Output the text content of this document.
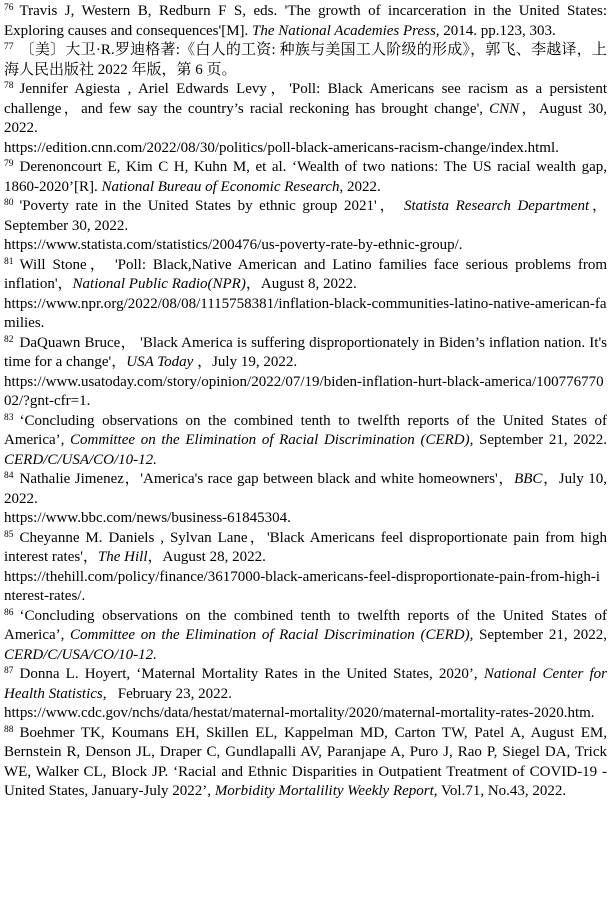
$^{76}$ Travis J, Western B, Redburn F S, eds. 'The growth of incarceration in the United States: Exploring causes and consequences'[M]. The National Academies Press, 2014. pp.123, 303.

$^{77}$ 〔美〕大卫·R.罗迪格著:《白人的工资: 种族与美国工人阶级的形成》，郭飞、李越译，上海人民出版社 2022 年版，第 6 页。

$^{78}$ Jennifer Agiesta , Ariel Edwards Levy，'Poll: Black Americans see racism as a persistent challenge，and few say the country’s racial reckoning has brought change', CNN，August 30, 2022.
https://edition.cnn.com/2022/08/30/politics/poll-black-americans-racism-change/index.html.

$^{79}$ Derenoncourt E, Kim C H, Kuhn M, et al. ‘Wealth of two nations: The US racial wealth gap, 1860-2020’[R]. National Bureau of Economic Research, 2022.

$^{80}$ 'Poverty rate in the United States by ethnic group 2021'， Statista Research Department，September 30, 2022.
https://www.statista.com/statistics/200476/us-poverty-rate-by-ethnic-group/.

$^{81}$ Will Stone， 'Poll: Black,Native American and Latino families face serious problems from inflation'，National Public Radio(NPR)，August 8, 2022.
https://www.npr.org/2022/08/08/1115758381/inflation-black-communities-latino-native-american-families.

$^{82}$ DaQuawn Bruce， 'Black America is suffering disproportionately in Biden’s inflation nation. It's time for a change'，USA Today ，July 19, 2022.
https://www.usatoday.com/story/opinion/2022/07/19/biden-inflation-hurt-black-america/10077677002/?gnt-cfr=1.

$^{83}$ ‘Concluding observations on the combined tenth to twelfth reports of the United States of America’, Committee on the Elimination of Racial Discrimination (CERD), September 21, 2022. CERD/C/USA/CO/10-12.

$^{84}$ Nathalie Jimenez，'America's race gap between black and white homeowners'，BBC，July 10, 2022.
https://www.bbc.com/news/business-61845304.

$^{85}$ Cheyanne M. Daniels , Sylvan Lane，'Black Americans feel disproportionate pain from high interest rates'，The Hill，August 28, 2022.
https://thehill.com/policy/finance/3617000-black-americans-feel-disproportionate-pain-from-high-interest-rates/.

$^{86}$ ‘Concluding observations on the combined tenth to twelfth reports of the United States of America’, Committee on the Elimination of Racial Discrimination (CERD), September 21, 2022, CERD/C/USA/CO/10-12.

$^{87}$ Donna L. Hoyert, ‘Maternal Mortality Rates in the United States, 2020’, National Center for Health Statistics,  February 23, 2022.
https://www.cdc.gov/nchs/data/hestat/maternal-mortality/2020/maternal-mortality-rates-2020.htm.

$^{88}$ Boehmer TK, Koumans EH, Skillen EL, Kappelman MD, Carton TW, Patel A, August EM, Bernstein R, Denson JL, Draper C, Gundlapalli AV, Paranjape A, Puro J, Rao P, Siegel DA, Trick WE, Walker CL, Block JP. ‘Racial and Ethnic Disparities in Outpatient Treatment of COVID-19 - United States, January-July 2022’, Morbidity Mortalility Weekly Report, Vol.71, No.43, 2022.
